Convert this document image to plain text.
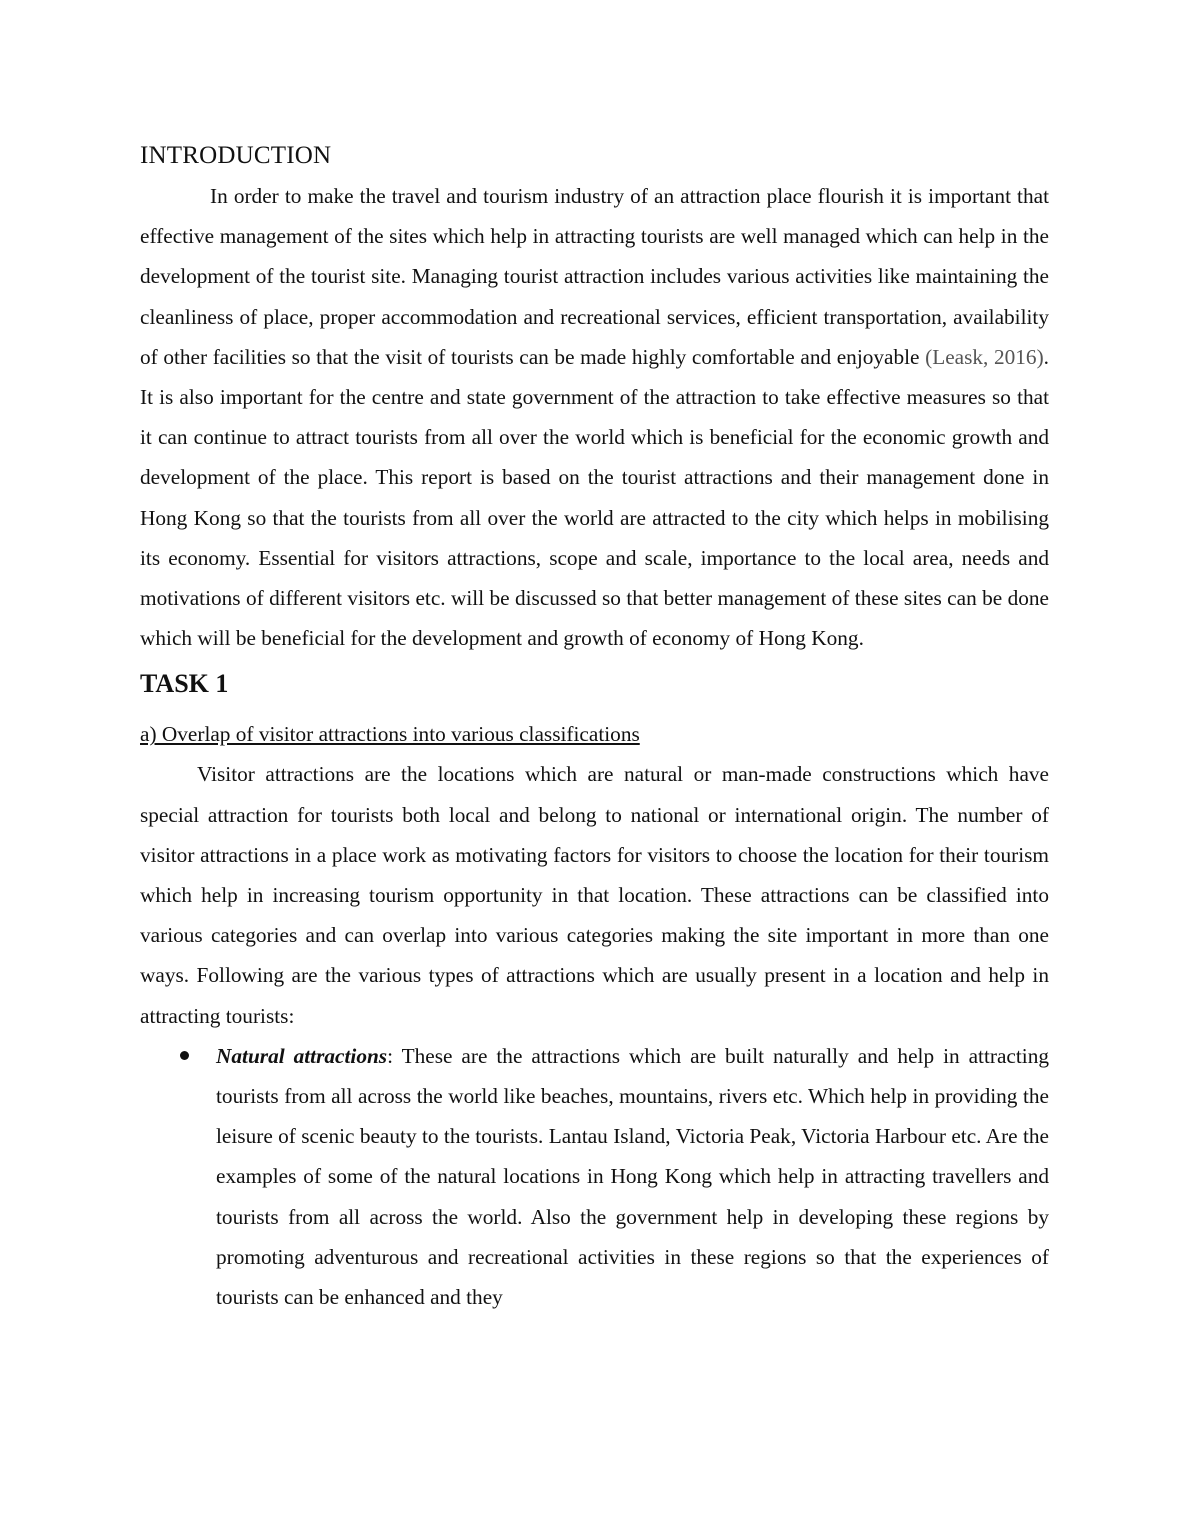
INTRODUCTION

In order to make the travel and tourism industry of an attraction place flourish it is important that effective management of the sites which help in attracting tourists are well managed which can help in the development of the tourist site. Managing tourist attraction includes various activities like maintaining the cleanliness of place, proper accommodation and recreational services, efficient transportation, availability of other facilities so that the visit of tourists can be made highly comfortable and enjoyable (Leask, 2016). It is also important for the centre and state government of the attraction to take effective measures so that it can continue to attract tourists from all over the world which is beneficial for the economic growth and development of the place. This report is based on the tourist attractions and their management done in Hong Kong so that the tourists from all over the world are attracted to the city which helps in mobilising its economy. Essential for visitors attractions, scope and scale, importance to the local area, needs and motivations of different visitors etc. will be discussed so that better management of these sites can be done which will be beneficial for the development and growth of economy of Hong Kong.

TASK 1
a) Overlap of visitor attractions into various classifications

Visitor attractions are the locations which are natural or man-made constructions which have special attraction for tourists both local and belong to national or international origin. The number of visitor attractions in a place work as motivating factors for visitors to choose the location for their tourism which help in increasing tourism opportunity in that location. These attractions can be classified into various categories and can overlap into various categories making the site important in more than one ways. Following are the various types of attractions which are usually present in a location and help in attracting tourists:

Natural attractions: These are the attractions which are built naturally and help in attracting tourists from all across the world like beaches, mountains, rivers etc. Which help in providing the leisure of scenic beauty to the tourists. Lantau Island, Victoria Peak, Victoria Harbour etc. Are the examples of some of the natural locations in Hong Kong which help in attracting travellers and tourists from all across the world. Also the government help in developing these regions by promoting adventurous and recreational activities in these regions so that the experiences of tourists can be enhanced and they
